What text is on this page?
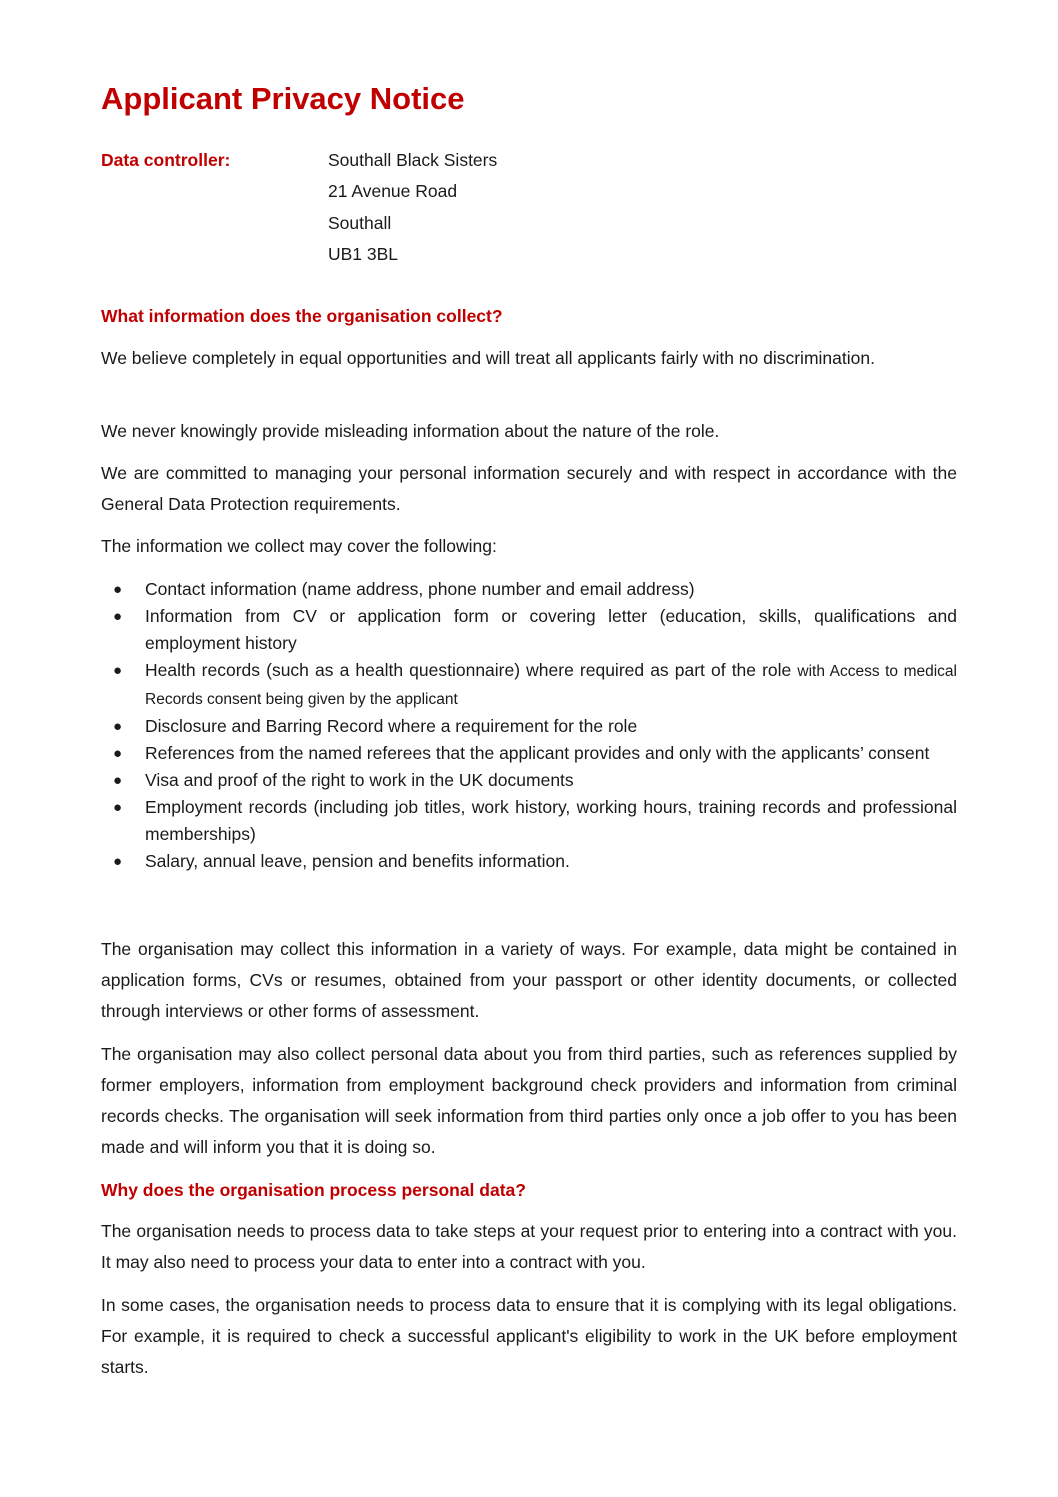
Applicant Privacy Notice
Data controller:	Southall Black Sisters
21 Avenue Road
Southall
UB1 3BL
What information does the organisation collect?

We believe completely in equal opportunities and will treat all applicants fairly with no discrimination.

We never knowingly provide misleading information about the nature of the role.

We are committed to managing your personal information securely and with respect in accordance with the General Data Protection requirements.

The information we collect may cover the following:

● Contact information (name address, phone number and email address)
● Information from CV or application form or covering letter (education, skills, qualifications and employment history
● Health records (such as a health questionnaire) where required as part of the role with Access to medical Records consent being given by the applicant
● Disclosure and Barring Record where a requirement for the role
● References from the named referees that the applicant provides and only with the applicants’ consent
● Visa and proof of the right to work in the UK documents
● Employment records (including job titles, work history, working hours, training records and professional memberships)
● Salary, annual leave, pension and benefits information.

The organisation may collect this information in a variety of ways. For example, data might be contained in application forms, CVs or resumes, obtained from your passport or other identity documents, or collected through interviews or other forms of assessment.

The organisation may also collect personal data about you from third parties, such as references supplied by former employers, information from employment background check providers and information from criminal records checks. The organisation will seek information from third parties only once a job offer to you has been made and will inform you that it is doing so.

Why does the organisation process personal data?

The organisation needs to process data to take steps at your request prior to entering into a contract with you. It may also need to process your data to enter into a contract with you.

In some cases, the organisation needs to process data to ensure that it is complying with its legal obligations. For example, it is required to check a successful applicant's eligibility to work in the UK before employment starts.
